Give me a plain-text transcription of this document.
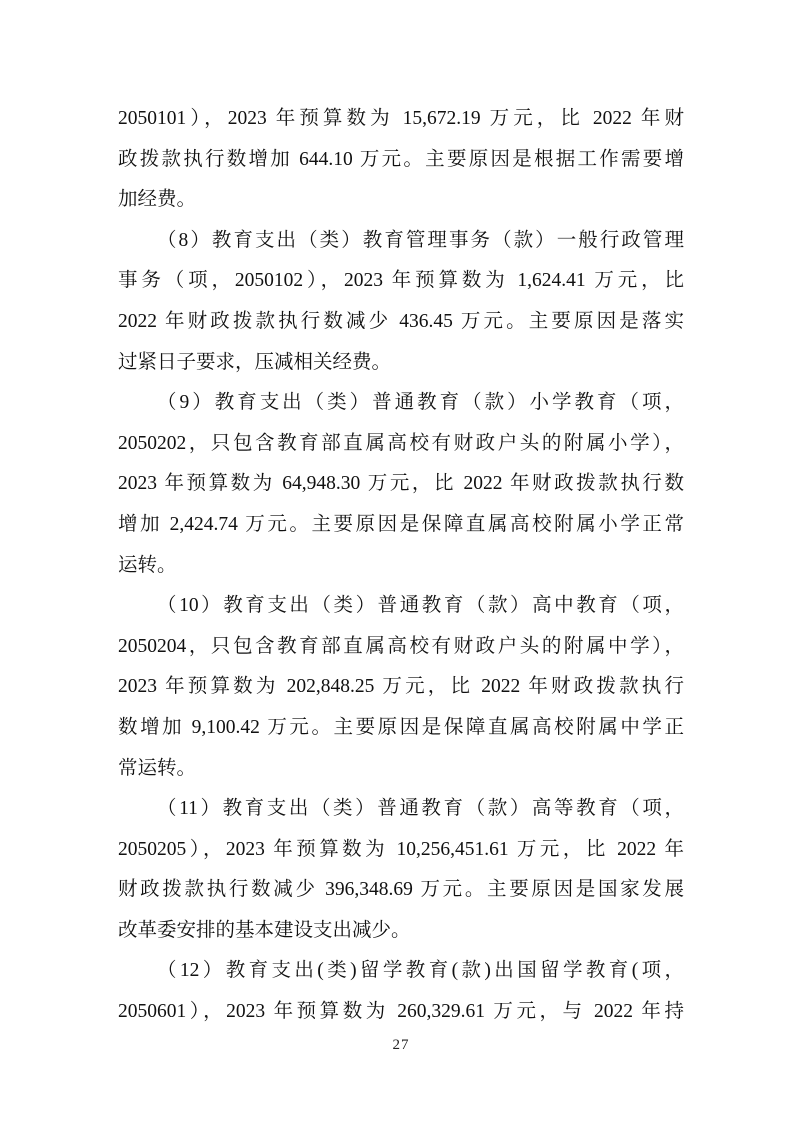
2050101），2023 年预算数为 15,672.19 万元，比 2022 年财
政拨款执行数增加 644.10 万元。主要原因是根据工作需要增
加经费。
（8）教育支出（类）教育管理事务（款）一般行政管理
事务（项，2050102），2023 年预算数为 1,624.41 万元，比
2022 年财政拨款执行数减少 436.45 万元。主要原因是落实
过紧日子要求，压减相关经费。
（9）教育支出（类）普通教育（款）小学教育（项，
2050202，只包含教育部直属高校有财政户头的附属小学），
2023 年预算数为 64,948.30 万元，比 2022 年财政拨款执行数
增加 2,424.74 万元。主要原因是保障直属高校附属小学正常
运转。
（10）教育支出（类）普通教育（款）高中教育（项，
2050204，只包含教育部直属高校有财政户头的附属中学），
2023 年预算数为 202,848.25 万元，比 2022 年财政拨款执行
数增加 9,100.42 万元。主要原因是保障直属高校附属中学正
常运转。
（11）教育支出（类）普通教育（款）高等教育（项，
2050205），2023 年预算数为 10,256,451.61 万元，比 2022 年
财政拨款执行数减少 396,348.69 万元。主要原因是国家发展
改革委安排的基本建设支出减少。
（12）教育支出(类)留学教育(款)出国留学教育(项，
2050601），2023 年预算数为 260,329.61 万元，与 2022 年持
27
